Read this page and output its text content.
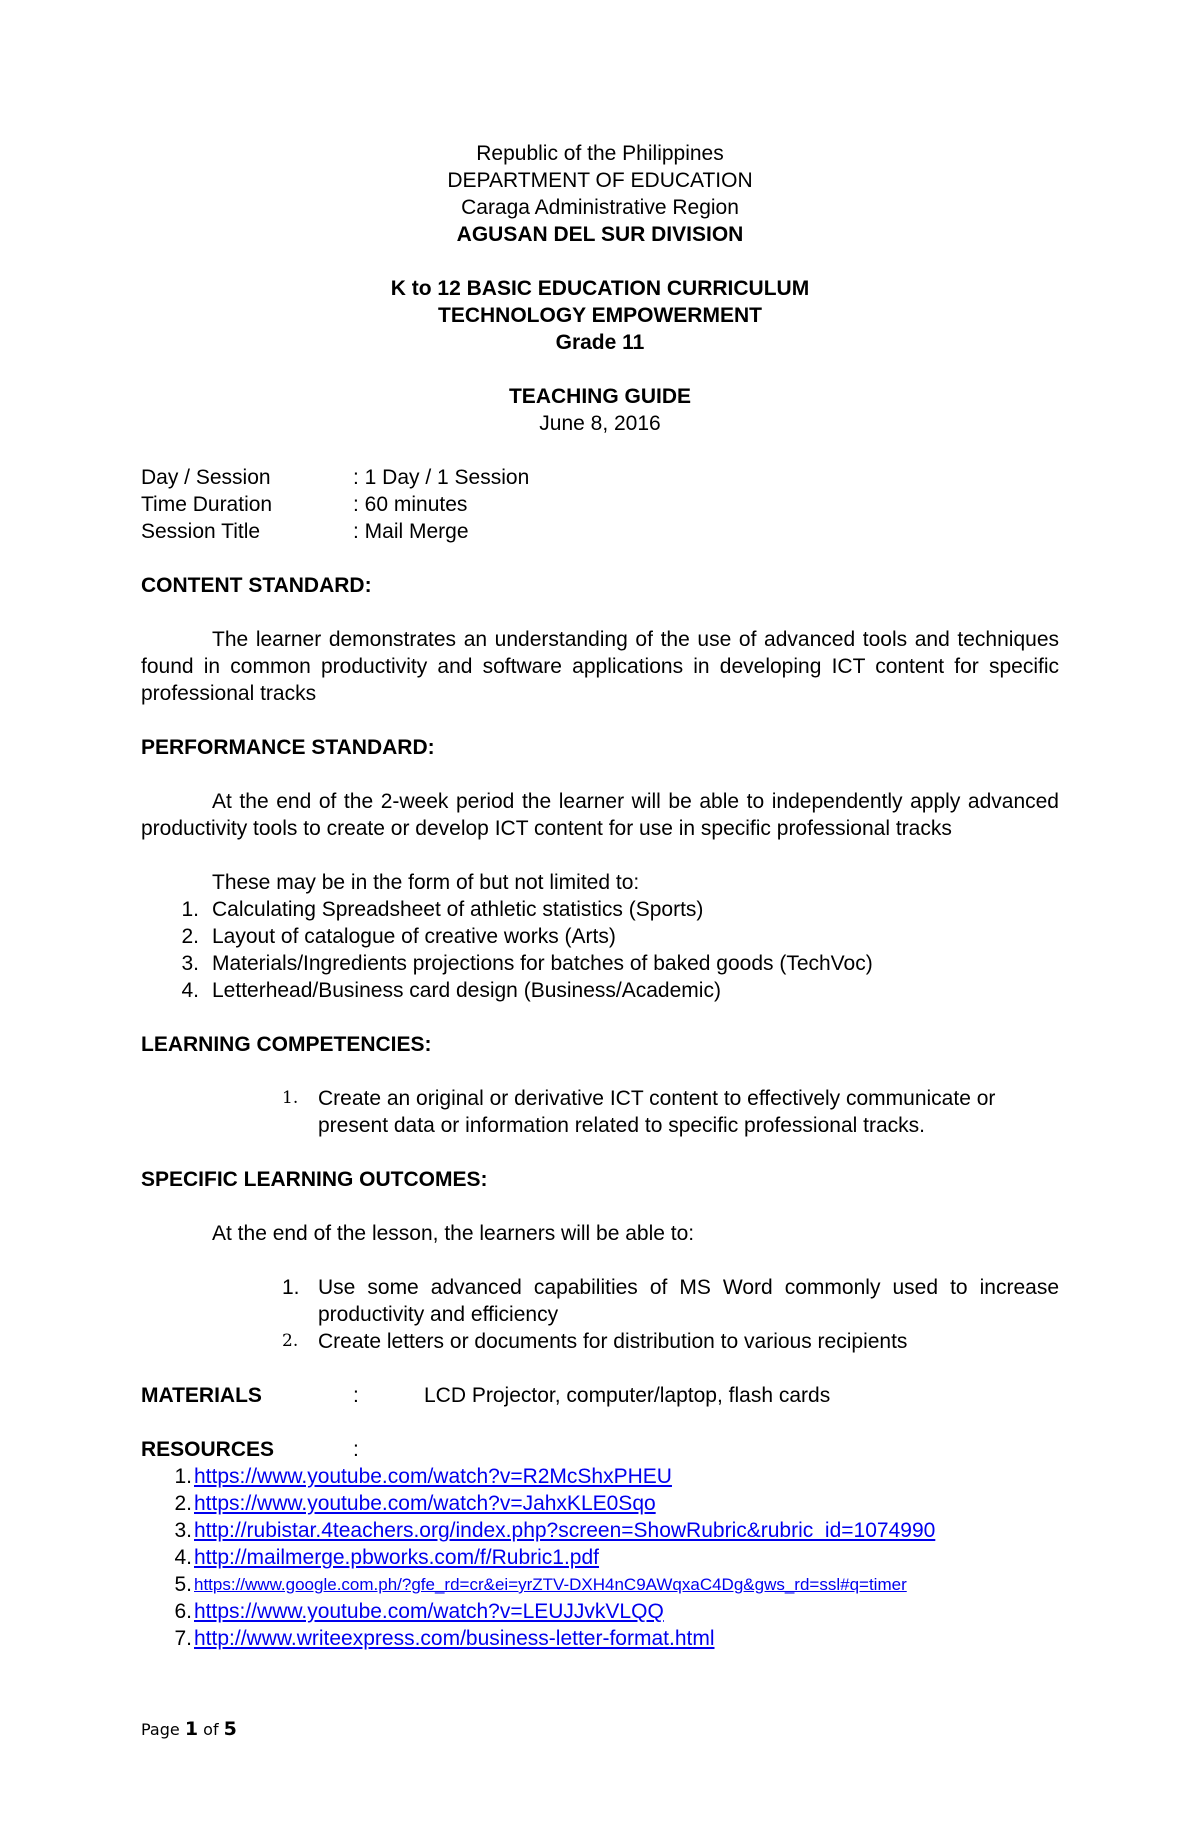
Republic of the Philippines
DEPARTMENT OF EDUCATION
Caraga Administrative Region
AGUSAN DEL SUR DIVISION
K to 12 BASIC EDUCATION CURRICULUM
TECHNOLOGY EMPOWERMENT
Grade 11
TEACHING GUIDE
June 8, 2016
Day / Session	: 1 Day / 1 Session
Time Duration	: 60 minutes
Session Title	: Mail Merge
CONTENT STANDARD:
The learner demonstrates an understanding of the use of advanced tools and techniques found in common productivity and software applications in developing ICT content for specific professional tracks
PERFORMANCE STANDARD:
At the end of the 2-week period the learner will be able to independently apply advanced productivity tools to create or develop ICT content for use in specific professional tracks
These may be in the form of but not limited to:
1. Calculating Spreadsheet of athletic statistics (Sports)
2. Layout of catalogue of creative works (Arts)
3. Materials/Ingredients projections for batches of baked goods (TechVoc)
4. Letterhead/Business card design (Business/Academic)
LEARNING COMPETENCIES:
1. Create an original or derivative ICT content to effectively communicate or present data or information related to specific professional tracks.
SPECIFIC LEARNING OUTCOMES:
At the end of the lesson, the learners will be able to:
1. Use some advanced capabilities of MS Word commonly used to increase productivity and efficiency
2. Create letters or documents for distribution to various recipients
MATERIALS	:	LCD Projector, computer/laptop, flash cards
RESOURCES	:
1. https://www.youtube.com/watch?v=R2McShxPHEU
2. https://www.youtube.com/watch?v=JahxKLE0Sqo
3. http://rubistar.4teachers.org/index.php?screen=ShowRubric&rubric_id=1074990
4. http://mailmerge.pbworks.com/f/Rubric1.pdf
5. https://www.google.com.ph/?gfe_rd=cr&ei=yrZTV-DXH4nC9AWqxaC4Dg&gws_rd=ssl#q=timer
6. https://www.youtube.com/watch?v=LEUJJvkVLQQ
7. http://www.writeexpress.com/business-letter-format.html
Page 1 of 5
